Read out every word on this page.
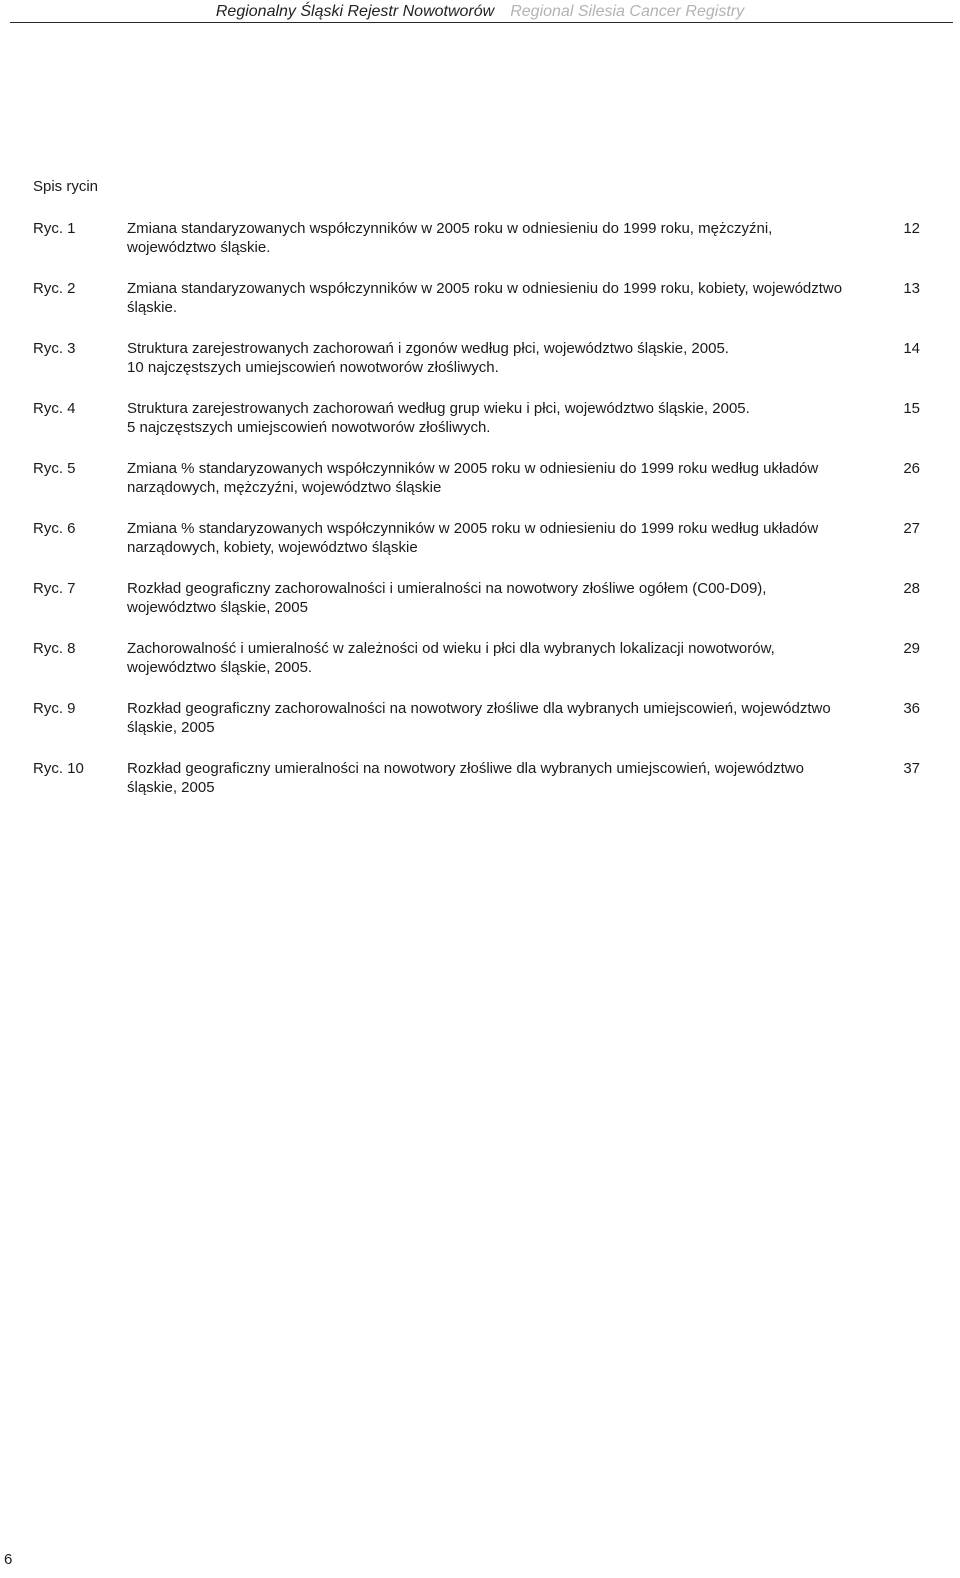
Regionalny Śląski Rejestr Nowotworów Regional Silesia Cancer Registry
Spis rycin
Ryc. 1	Zmiana standaryzowanych współczynników w 2005 roku w odniesieniu do 1999 roku, mężczyźni,
województwo śląskie.
12
Ryc. 2	Zmiana standaryzowanych współczynników w 2005 roku w odniesieniu do 1999 roku, kobiety, województwo
śląskie.
13
Ryc. 3	Struktura zarejestrowanych zachorowań i zgonów według płci, województwo śląskie, 2005.
10 najczęstszych umiejscowień nowotworów złośliwych.
14
Ryc. 4	Struktura zarejestrowanych zachorowań według grup wieku i płci, województwo śląskie, 2005.
5 najczęstszych umiejscowień nowotworów złośliwych.
15
Ryc. 5	Zmiana % standaryzowanych współczynników w 2005 roku w odniesieniu do 1999 roku według układów
narządowych, mężczyźni, województwo śląskie
26
Ryc. 6	Zmiana % standaryzowanych współczynników w 2005 roku w odniesieniu do 1999 roku według układów
narządowych, kobiety, województwo śląskie
27
Ryc. 7	Rozkład geograficzny zachorowalności i umieralności na nowotwory złośliwe ogółem (C00-D09),
województwo śląskie, 2005
28
Ryc. 8	Zachorowalność i umieralność w zależności od wieku i płci dla wybranych lokalizacji nowotworów,
województwo śląskie, 2005.
29
Ryc. 9	Rozkład geograficzny zachorowalności na nowotwory złośliwe dla wybranych umiejscowień, województwo
śląskie, 2005
36
Ryc. 10	Rozkład geograficzny umieralności na nowotwory złośliwe dla wybranych umiejscowień, województwo
śląskie, 2005
37
6
